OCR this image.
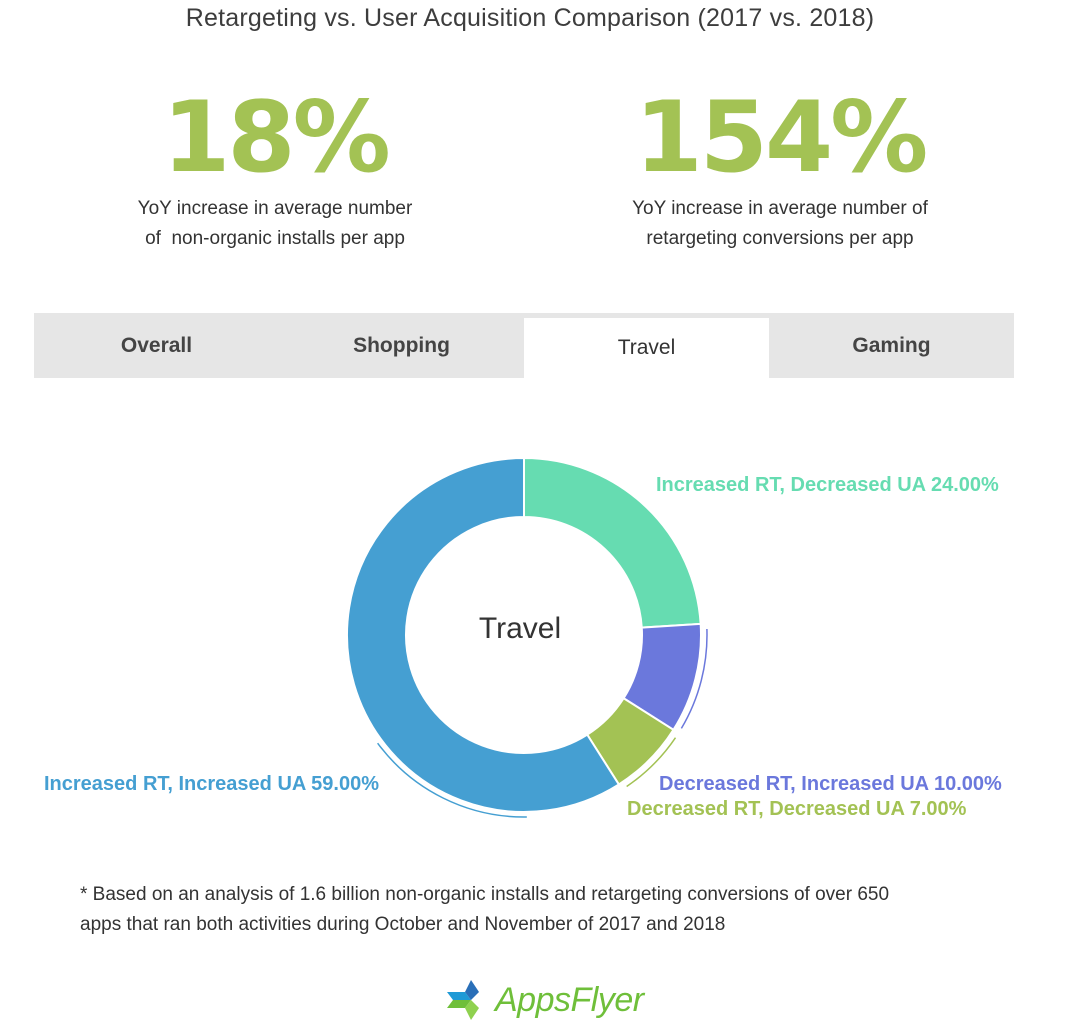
Retargeting vs. User Acquisition Comparison (2017 vs. 2018)
18%
YoY increase in average number
of  non-organic installs per app
154%
YoY increase in average number of
retargeting conversions per app
Overall	Shopping	Travel	Gaming
Travel
Increased RT, Decreased UA 24.00%
Decreased RT, Increased UA 10.00%
Decreased RT, Decreased UA 7.00%
Increased RT, Increased UA 59.00%
* Based on an analysis of 1.6 billion non-organic installs and retargeting conversions of over 650
apps that ran both activities during October and November of 2017 and 2018
AppsFlyer
